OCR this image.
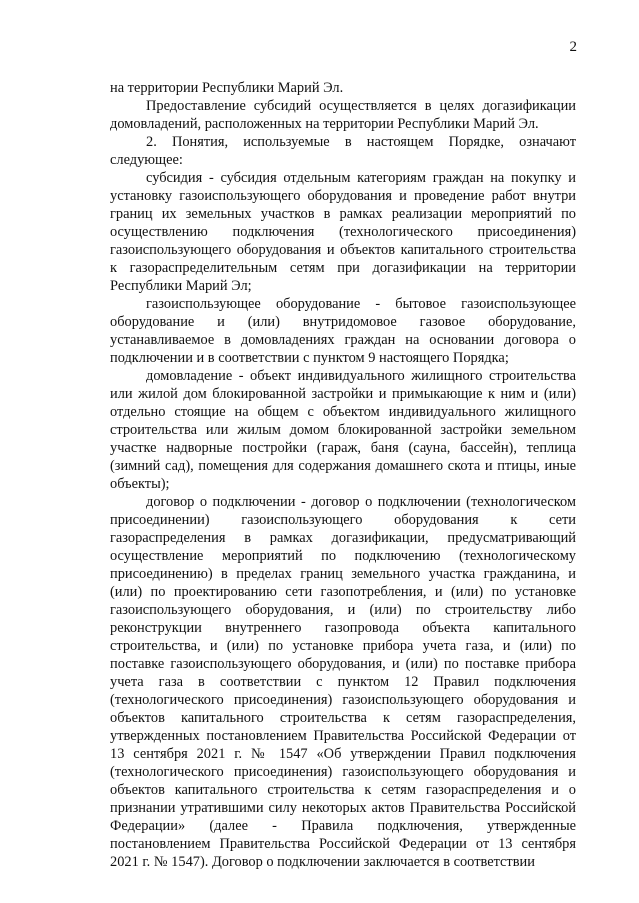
2

на территории Республики Марий Эл.

Предоставление субсидий осуществляется в целях догазификации домовладений, расположенных на территории Республики Марий Эл.

2. Понятия, используемые в настоящем Порядке, означают следующее:

субсидия - субсидия отдельным категориям граждан на покупку и установку газоиспользующего оборудования и проведение работ внутри границ их земельных участков в рамках реализации мероприятий по осуществлению подключения (технологического присоединения) газоиспользующего оборудования и объектов капитального строительства к газораспределительным сетям при догазификации на территории Республики Марий Эл;

газоиспользующее оборудование - бытовое газоиспользующее оборудование и (или) внутридомовое газовое оборудование, устанавливаемое в домовладениях граждан на основании договора о подключении и в соответствии с пунктом 9 настоящего Порядка;

домовладение - объект индивидуального жилищного строительства или жилой дом блокированной застройки и примыкающие к ним и (или) отдельно стоящие на общем с объектом индивидуального жилищного строительства или жилым домом блокированной застройки земельном участке надворные постройки (гараж, баня (сауна, бассейн), теплица (зимний сад), помещения для содержания домашнего скота и птицы, иные объекты);

договор о подключении - договор о подключении (технологическом присоединении) газоиспользующего оборудования к сети газораспределения в рамках догазификации, предусматривающий осуществление мероприятий по подключению (технологическому присоединению) в пределах границ земельного участка гражданина, и (или) по проектированию сети газопотребления, и (или) по установке газоиспользующего оборудования, и (или) по строительству либо реконструкции внутреннего газопровода объекта капитального строительства, и (или) по установке прибора учета газа, и (или) по поставке газоиспользующего оборудования, и (или) по поставке прибора учета газа в соответствии с пунктом 12 Правил подключения (технологического присоединения) газоиспользующего оборудования и объектов капитального строительства к сетям газораспределения, утвержденных постановлением Правительства Российской Федерации от 13 сентября 2021 г. № 1547 «Об утверждении Правил подключения (технологического присоединения) газоиспользующего оборудования и объектов капитального строительства к сетям газораспределения и о признании утратившими силу некоторых актов Правительства Российской Федерации» (далее - Правила подключения, утвержденные постановлением Правительства Российской Федерации от 13 сентября 2021 г. № 1547). Договор о подключении заключается в соответствии
